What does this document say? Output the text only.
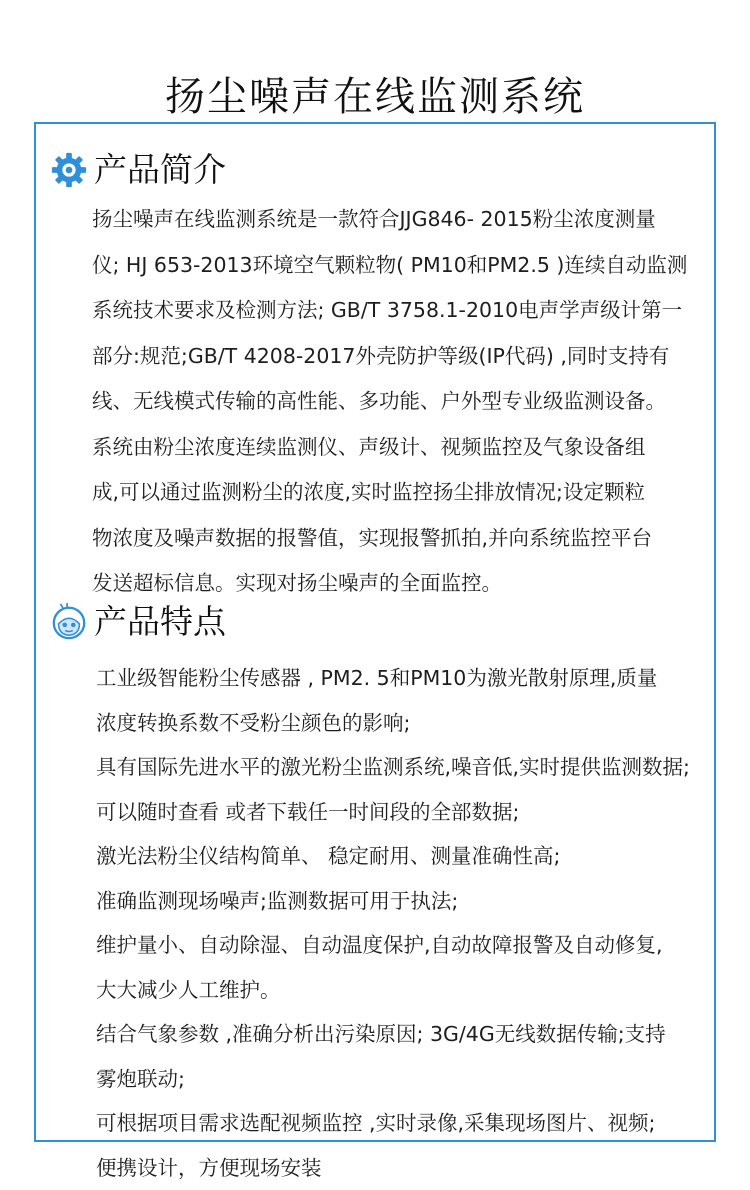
扬尘噪声在线监测系统
产品简介
扬尘噪声在线监测系统是一款符合JJG846- 2015粉尘浓度测量
仪; HJ 653-2013环境空气颗粒物( PM10和PM2.5 )连续自动监测
系统技术要求及检测方法; GB/T 3758.1-2010电声学声级计第一
部分:规范;GB/T 4208-2017外壳防护等级(IP代码) ,同时支持有
线、无线模式传输的高性能、多功能、户外型专业级监测设备。
系统由粉尘浓度连续监测仪、声级计、视频监控及气象设备组
成,可以通过监测粉尘的浓度,实时监控扬尘排放情况;设定颗粒
物浓度及噪声数据的报警值，实现报警抓拍,并向系统监控平台
发送超标信息。实现对扬尘噪声的全面监控。
产品特点
工业级智能粉尘传感器 , PM2. 5和PM10为激光散射原理,质量
浓度转换系数不受粉尘颜色的影响;
具有国际先进水平的激光粉尘监测系统,噪音低,实时提供监测数据;
可以随时查看 或者下载任一时间段的全部数据;
激光法粉尘仪结构简单、 稳定耐用、测量准确性高;
准确监测现场噪声;监测数据可用于执法;
维护量小、自动除湿、自动温度保护,自动故障报警及自动修复,
大大减少人工维护。
结合气象参数 ,准确分析出污染原因; 3G/4G无线数据传输;支持
雾炮联动;
可根据项目需求选配视频监控 ,实时录像,采集现场图片、视频;
便携设计，方便现场安装
